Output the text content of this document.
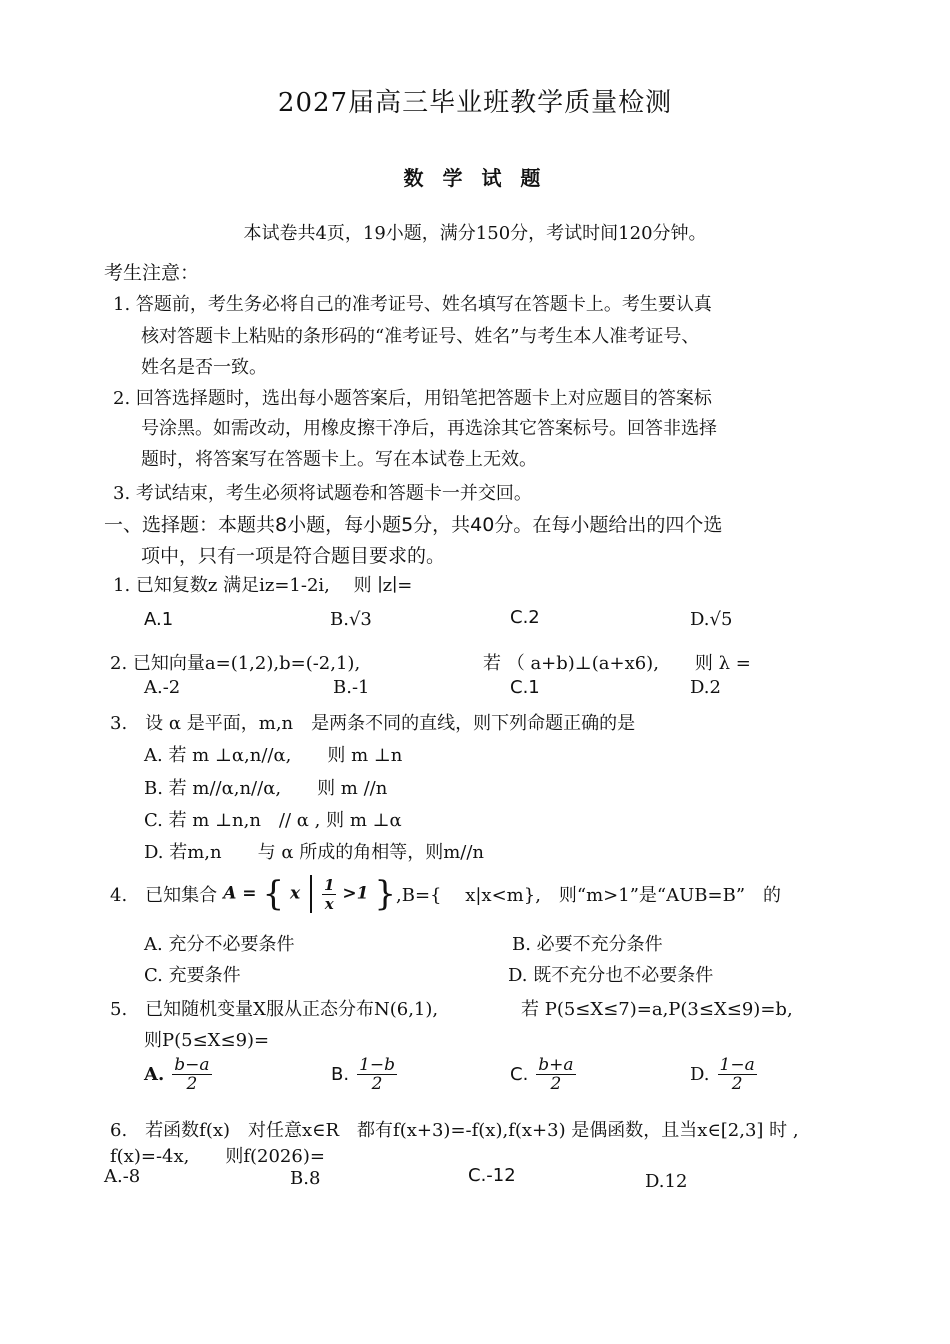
2027届高三毕业班教学质量检测
数 学 试 题
本试卷共4页，19小题，满分150分，考试时间120分钟。
考生注意：
1. 答题前，考生务必将自己的准考证号、姓名填写在答题卡上。考生要认真
核对答题卡上粘贴的条形码的“准考证号、姓名”与考生本人准考证号、
姓名是否一致。
2. 回答选择题时，选出每小题答案后，用铅笔把答题卡上对应题目的答案标
号涂黑。如需改动，用橡皮擦干净后，再选涂其它答案标号。回答非选择
题时，将答案写在答题卡上。写在本试卷上无效。
3. 考试结束，考生必须将试题卷和答题卡一并交回。
一、选择题：本题共8小题，每小题5分，共40分。在每小题给出的四个选
项中，只有一项是符合题目要求的。
1. 已知复数z 满足iz=1-2i,　 则 ∣z∣=
A.1	B.√3	C.2	D.√5
2. 已知向量a=(1,2),b=(-2,1),	若 （ a+b)⊥(a+x6),　　则 λ =
A.-2	B.-1	C.1	D.2
3.　设 α 是平面，m,n　是两条不同的直线，则下列命题正确的是
A. 若 m ⊥α,n//α,　　则 m ⊥n
B. 若 m//α,n//α,　　则 m //n
C. 若 m ⊥n,n　// α , 则 m ⊥α
D. 若m,n　　与 α 所成的角相等，则m//n
4.　已知集合 A = { x $\frac{1}{x} >1$ } ,B={　 x|x<m},　则“m>1”是“AUB=B”　的
A. 充分不必要条件	B. 必要不充分条件
C. 充要条件	D. 既不充分也不必要条件
5.　已知随机变量X服从正态分布N(6,1),	若 P(5≤X≤7)=a,P(3≤X≤9)=b,
则P(5≤X≤9)=
A. $\frac{b-a}{2}$	B. $\frac{1-b}{2}$	C. $\frac{b+a}{2}$	D. $\frac{1-a}{2}$
6.　若函数f(x)　对任意x∈R　都有f(x+3)=-f(x),f(x+3) 是偶函数，且当x∈[2,3] 时 ,
f(x)=-4x,　　则f(2026)=
A.-8	B.8	C.-12	D.12
